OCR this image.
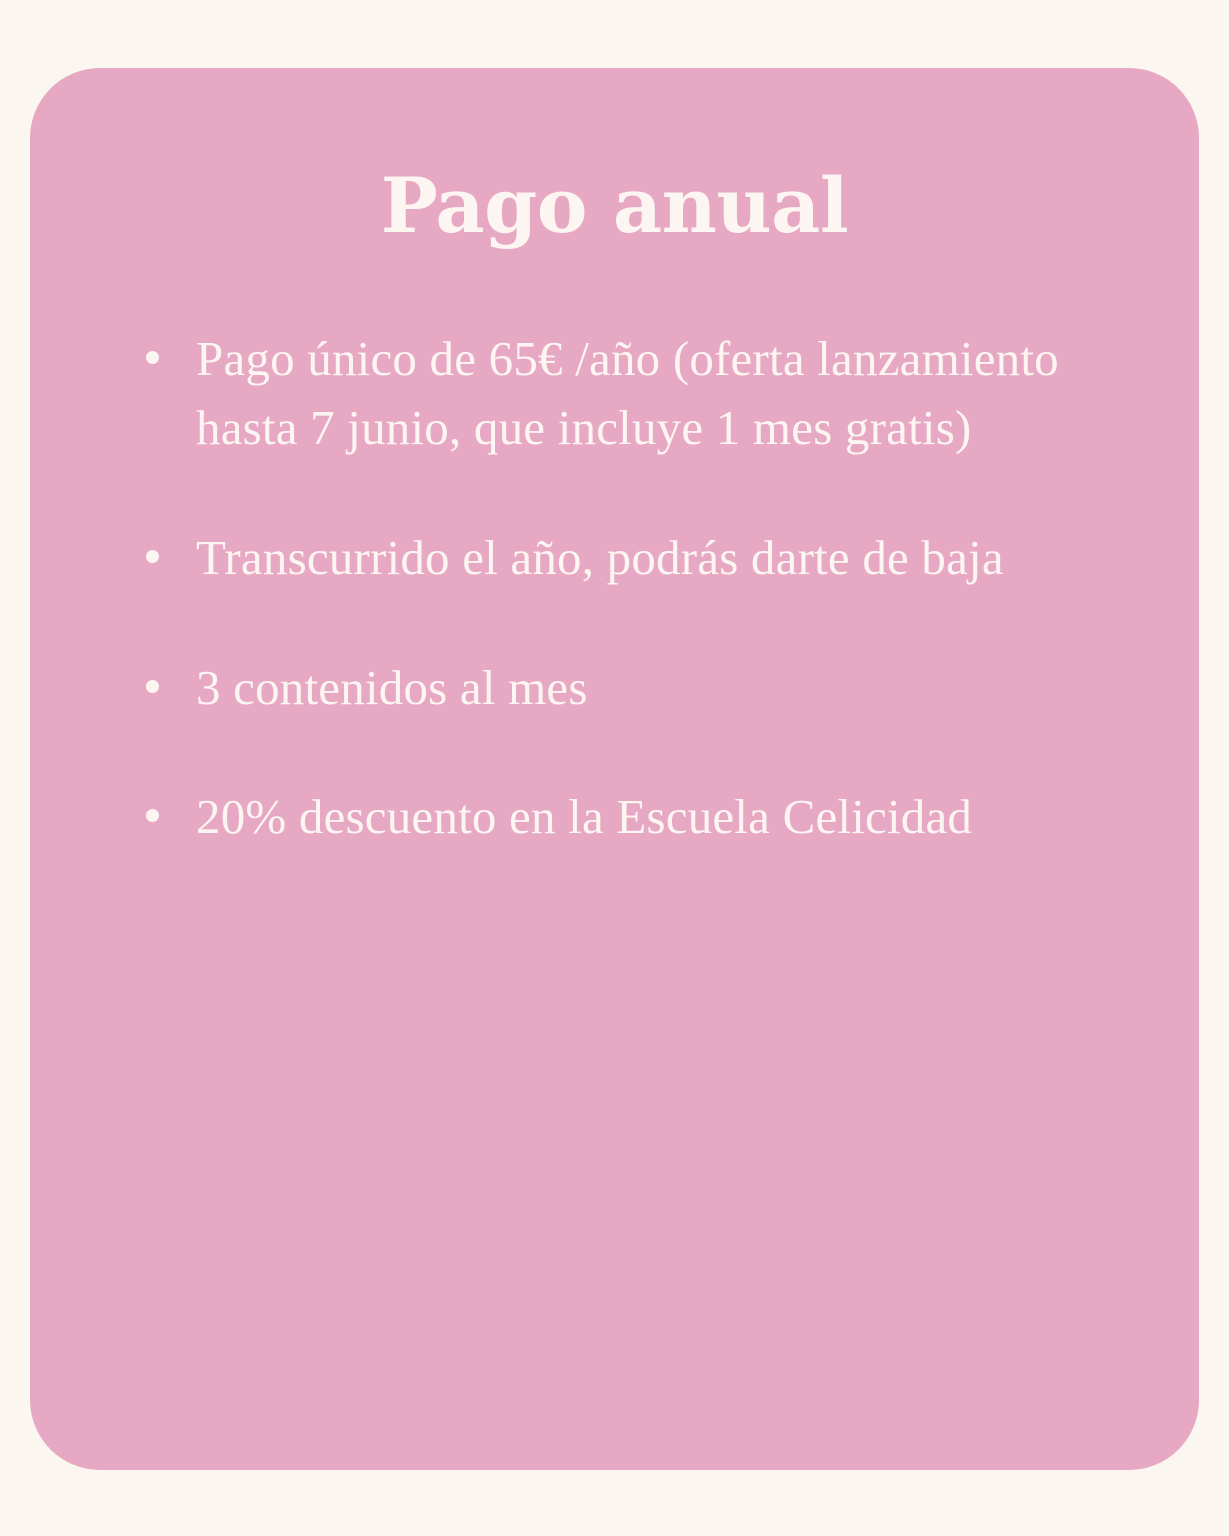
Pago anual
Pago único de 65€ /año (oferta lanzamiento hasta 7 junio, que incluye 1 mes gratis)
Transcurrido el año, podrás darte de baja
3 contenidos al mes
20% descuento en la Escuela Celicidad
